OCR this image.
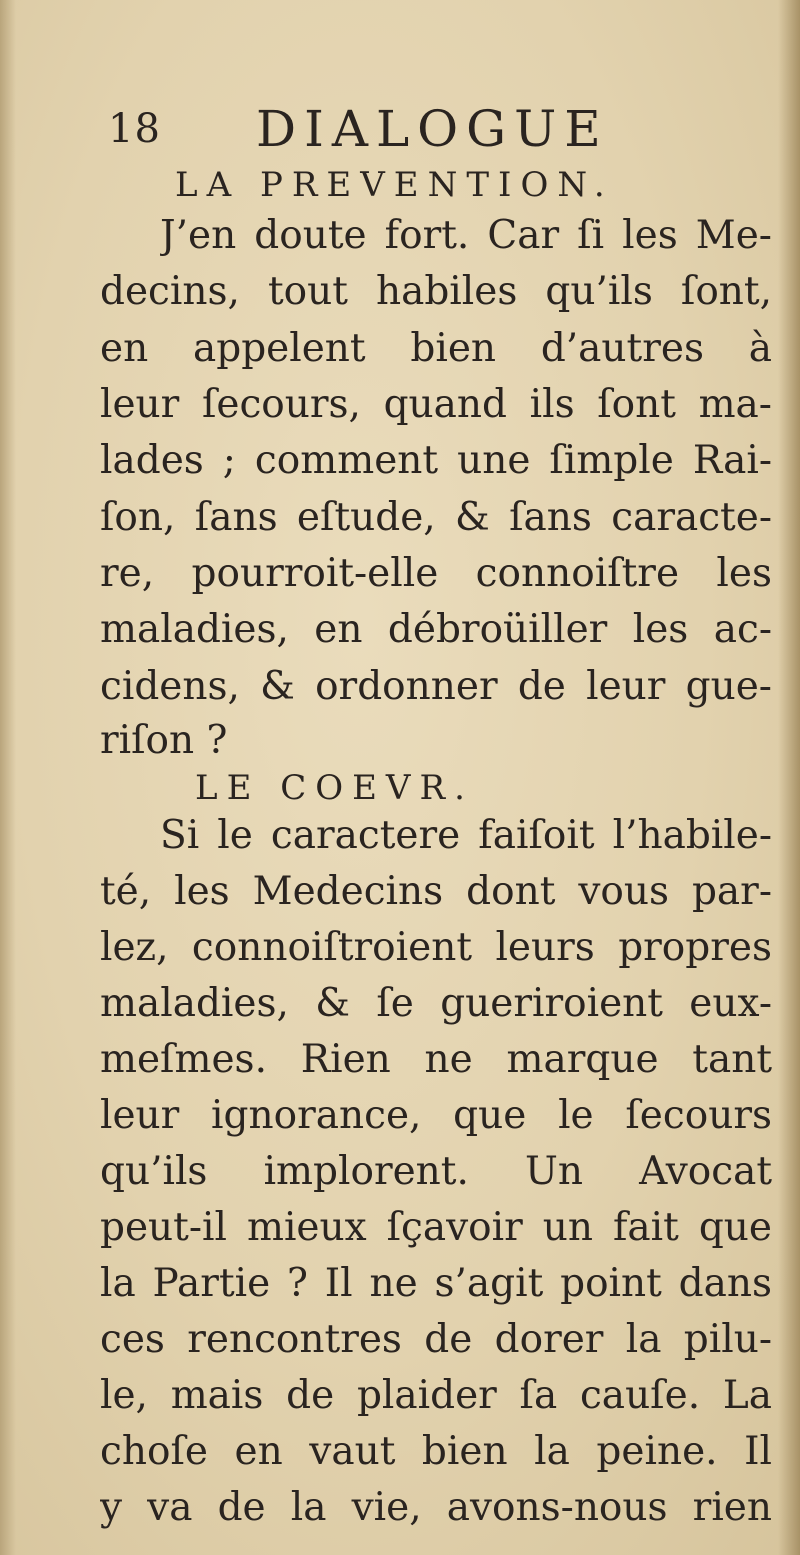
18 DIALOGUE
LA PREVENTION.
J’en doute fort. Car ſi les Me-
decins, tout habiles qu’ils ſont,
en appelent bien d’autres à
leur ſecours, quand ils ſont ma-
lades ; comment une ſimple Rai-
ſon, ſans eſtude, & ſans caracte-
re, pourroit-elle connoiſtre les
maladies, en débroüiller les ac-
cidens, & ordonner de leur gue-
riſon ?
LE COEVR.
Si le caractere faiſoit l’habile-
té, les Medecins dont vous par-
lez, connoiſtroient leurs propres
maladies, & ſe gueriroient eux-
meſmes. Rien ne marque tant
leur ignorance, que le ſecours
qu’ils implorent. Un Avocat
peut-il mieux ſçavoir un fait que
la Partie ? Il ne s’agit point dans
ces rencontres de dorer la pilu-
le, mais de plaider ſa cauſe. La
choſe en vaut bien la peine. Il
y va de la vie, avons-nous rien
